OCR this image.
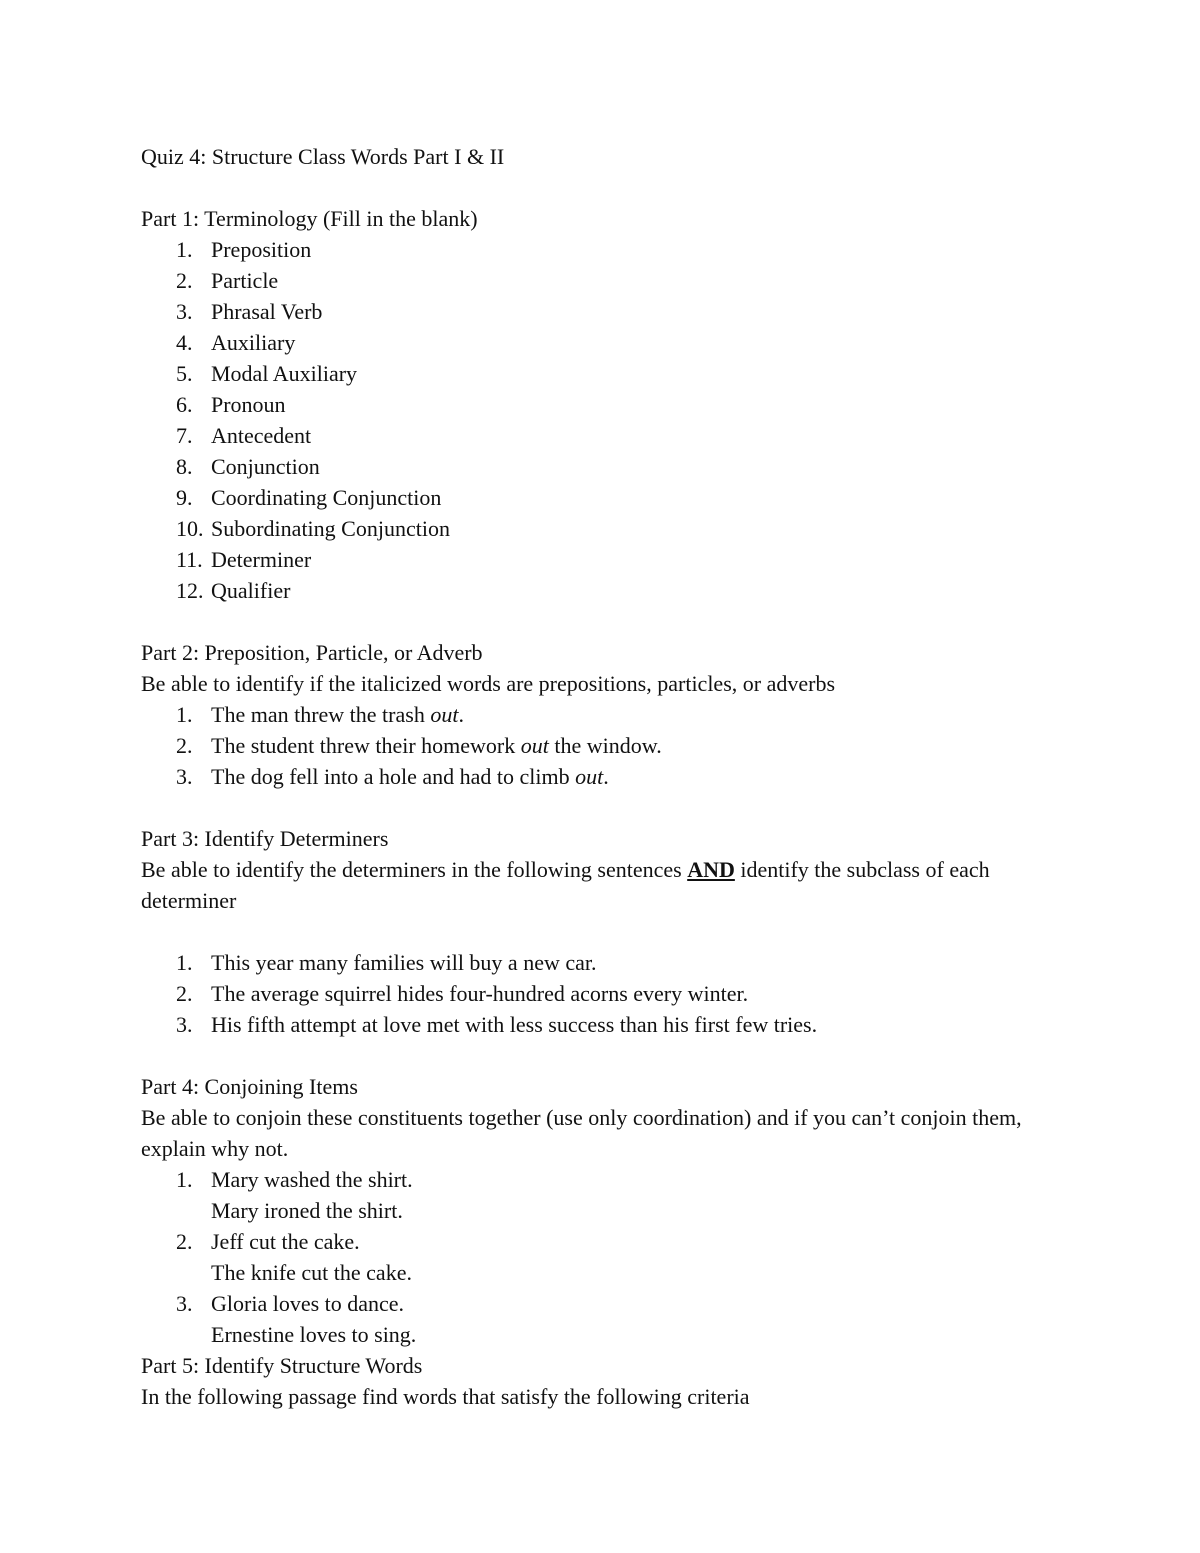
Quiz 4: Structure Class Words Part I & II
Part 1: Terminology (Fill in the blank)
1. Preposition
2. Particle
3. Phrasal Verb
4. Auxiliary
5. Modal Auxiliary
6. Pronoun
7. Antecedent
8. Conjunction
9. Coordinating Conjunction
10. Subordinating Conjunction
11. Determiner
12. Qualifier
Part 2: Preposition, Particle, or Adverb
Be able to identify if the italicized words are prepositions, particles, or adverbs
1. The man threw the trash out.
2. The student threw their homework out the window.
3. The dog fell into a hole and had to climb out.
Part 3: Identify Determiners
Be able to identify the determiners in the following sentences AND identify the subclass of each determiner
1. This year many families will buy a new car.
2. The average squirrel hides four-hundred acorns every winter.
3. His fifth attempt at love met with less success than his first few tries.
Part 4: Conjoining Items
Be able to conjoin these constituents together (use only coordination) and if you can’t conjoin them, explain why not.
1. Mary washed the shirt.
Mary ironed the shirt.
2. Jeff cut the cake.
The knife cut the cake.
3. Gloria loves to dance.
Ernestine loves to sing.
Part 5: Identify Structure Words
In the following passage find words that satisfy the following criteria
